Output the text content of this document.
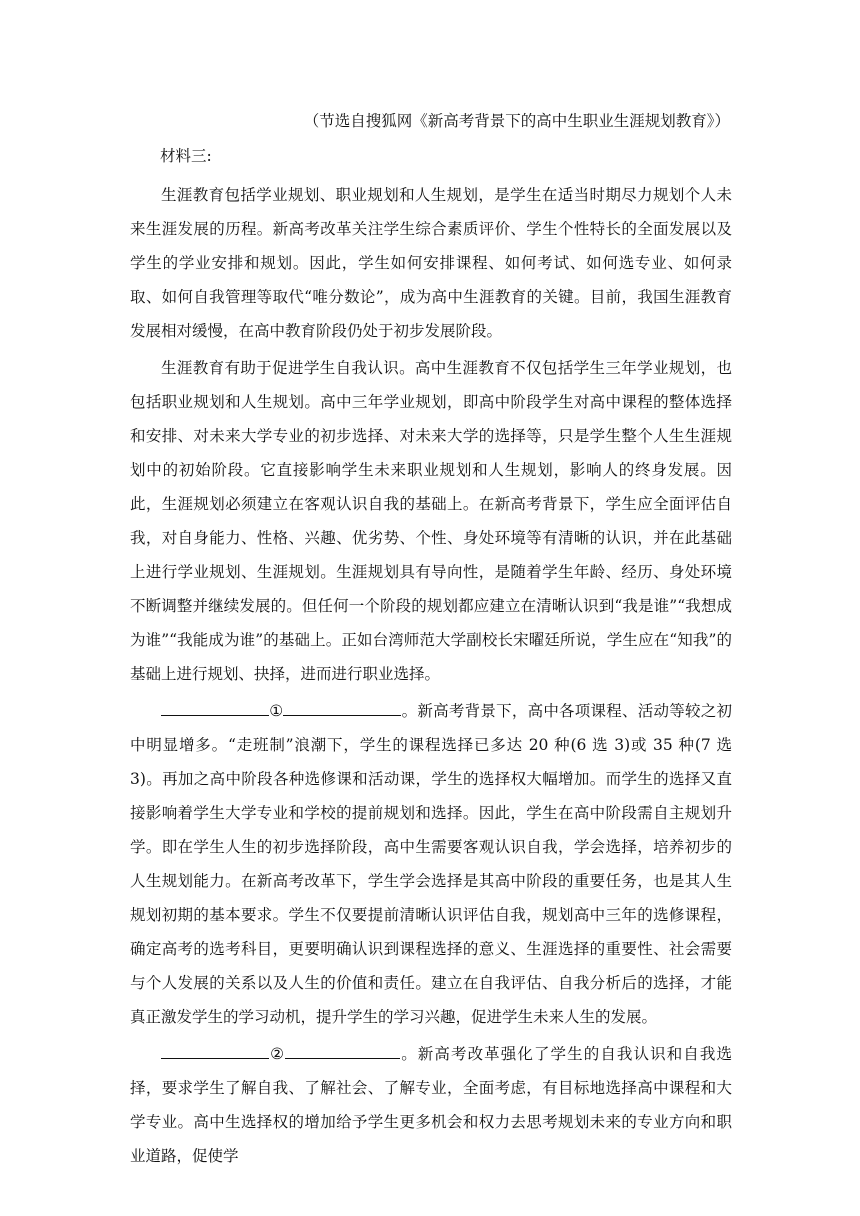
（节选自搜狐网《新高考背景下的高中生职业生涯规划教育》）
材料三:

生涯教育包括学业规划、职业规划和人生规划，是学生在适当时期尽力规划个人未来生涯发展的历程。新高考改革关注学生综合素质评价、学生个性特长的全面发展以及学生的学业安排和规划。因此，学生如何安排课程、如何考试、如何选专业、如何录取、如何自我管理等取代“唯分数论”，成为高中生涯教育的关键。目前，我国生涯教育发展相对缓慢，在高中教育阶段仍处于初步发展阶段。

生涯教育有助于促进学生自我认识。高中生涯教育不仅包括学生三年学业规划，也包括职业规划和人生规划。高中三年学业规划，即高中阶段学生对高中课程的整体选择和安排、对未来大学专业的初步选择、对未来大学的选择等，只是学生整个人生生涯规划中的初始阶段。它直接影响学生未来职业规划和人生规划，影响人的终身发展。因此，生涯规划必须建立在客观认识自我的基础上。在新高考背景下，学生应全面评估自我，对自身能力、性格、兴趣、优劣势、个性、身处环境等有清晰的认识，并在此基础上进行学业规划、生涯规划。生涯规划具有导向性，是随着学生年龄、经历、身处环境不断调整并继续发展的。但任何一个阶段的规划都应建立在清晰认识到“我是谁”“我想成为谁”“我能成为谁”的基础上。正如台湾师范大学副校长宋曜廷所说，学生应在“知我”的基础上进行规划、抉择，进而进行职业选择。

①	。新高考背景下，高中各项课程、活动等较之初中明显增多。“走班制”浪潮下，学生的课程选择已多达 20 种(6 选 3)或 35 种(7 选 3)。再加之高中阶段各种选修课和活动课，学生的选择权大幅增加。而学生的选择又直接影响着学生大学专业和学校的提前规划和选择。因此，学生在高中阶段需自主规划升学。即在学生人生的初步选择阶段，高中生需要客观认识自我，学会选择，培养初步的人生规划能力。在新高考改革下，学生学会选择是其高中阶段的重要任务，也是其人生规划初期的基本要求。学生不仅要提前清晰认识评估自我，规划高中三年的选修课程，确定高考的选考科目，更要明确认识到课程选择的意义、生涯选择的重要性、社会需要与个人发展的关系以及人生的价值和责任。建立在自我评估、自我分析后的选择，才能真正激发学生的学习动机，提升学生的学习兴趣，促进学生未来人生的发展。

②	。新高考改革强化了学生的自我认识和自我选择，要求学生了解自我、了解社会、了解专业，全面考虑，有目标地选择高中课程和大学专业。高中生选择权的增加给予学生更多机会和权力去思考规划未来的专业方向和职业道路，促使学
